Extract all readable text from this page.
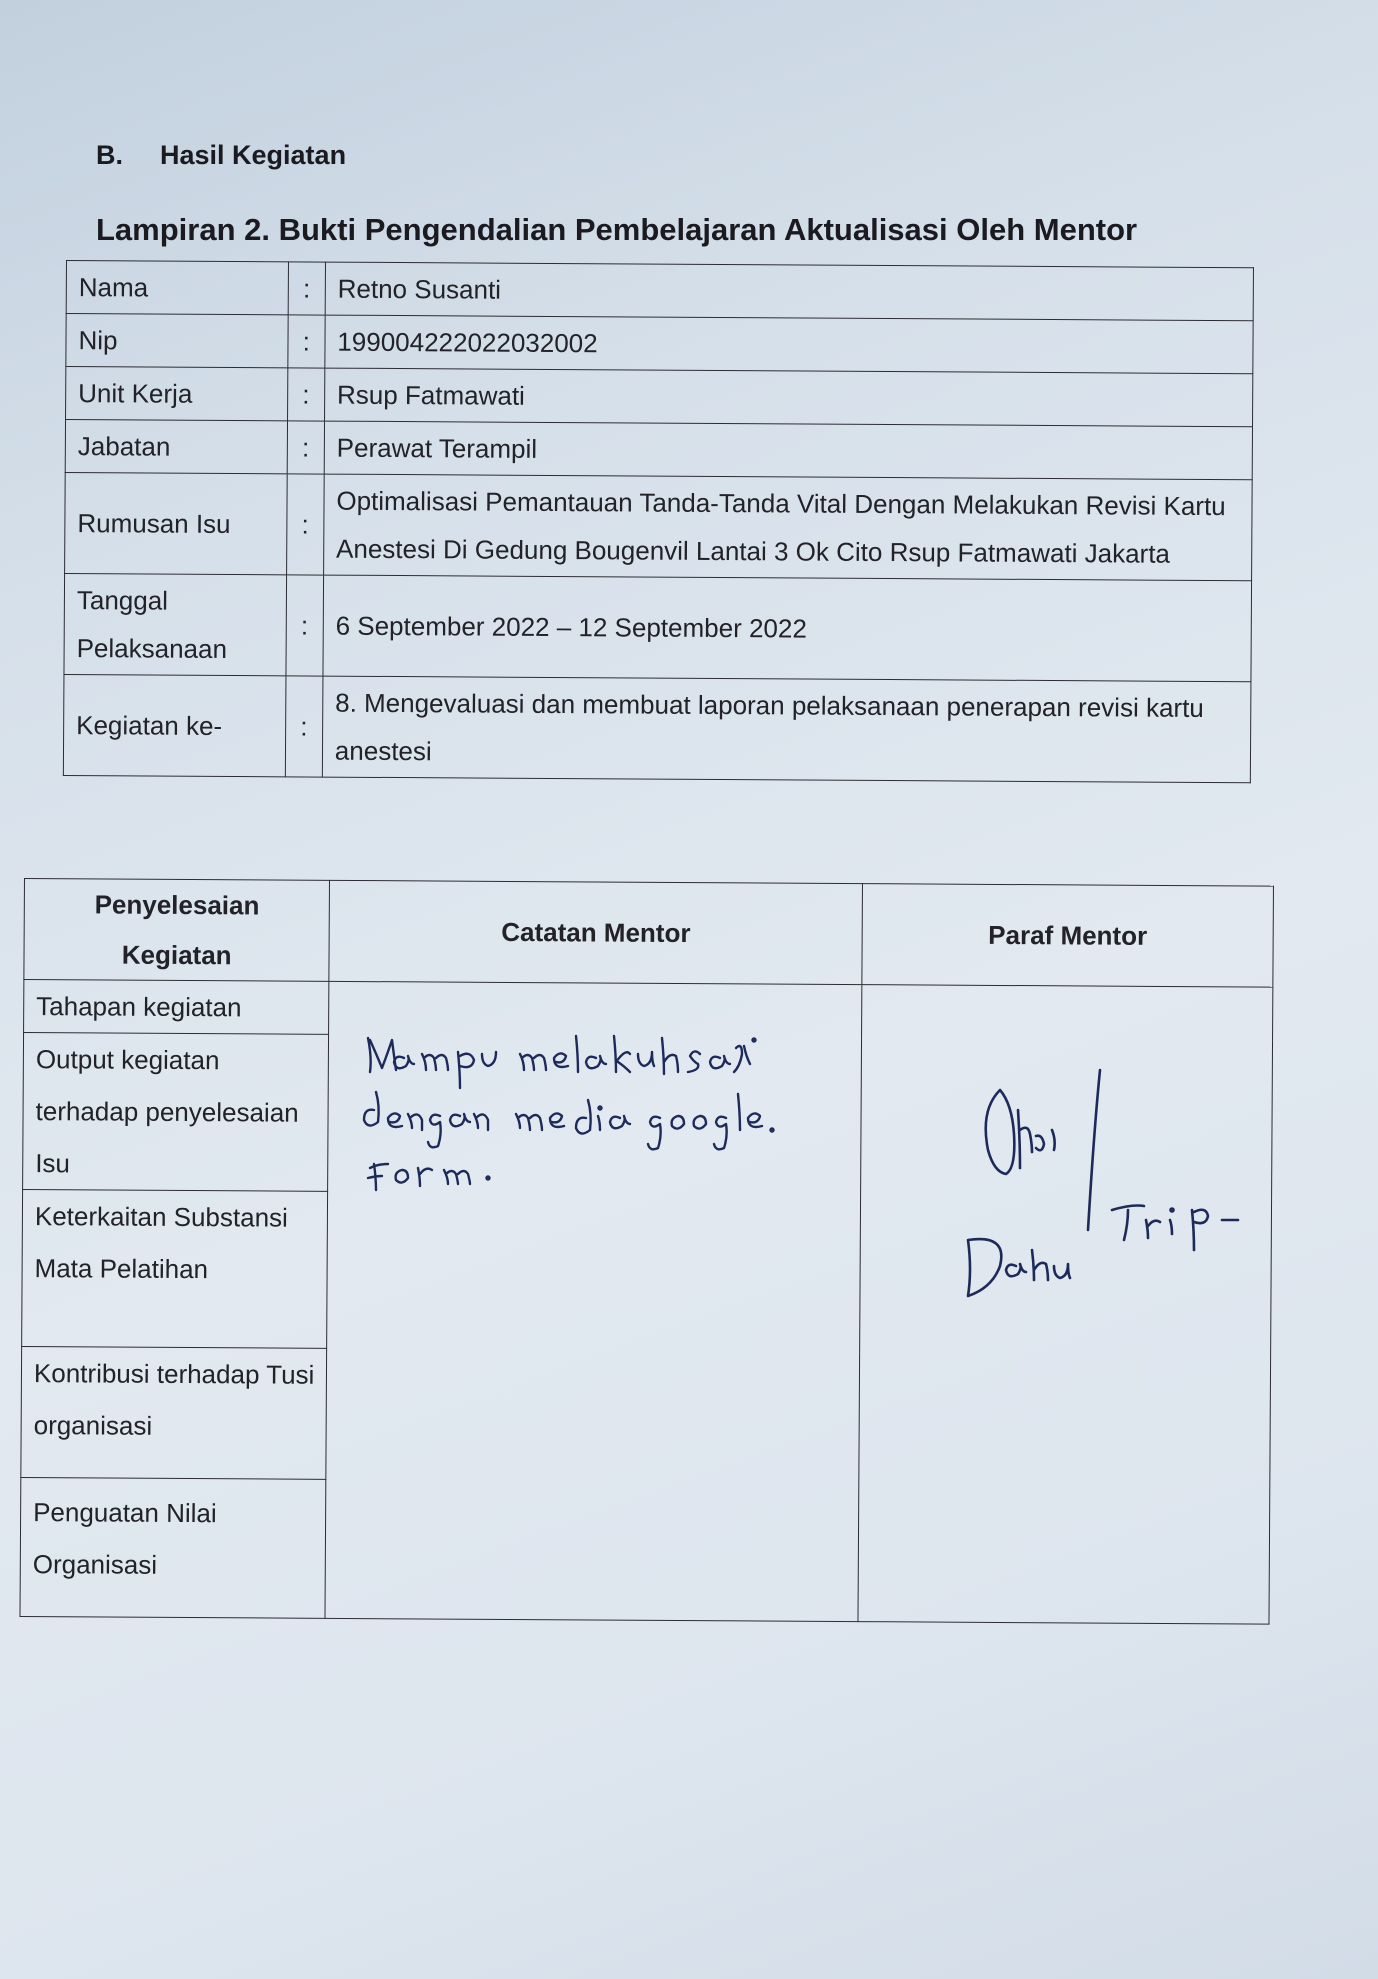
B. Hasil Kegiatan
Lampiran 2. Bukti Pengendalian Pembelajaran Aktualisasi Oleh Mentor
Nama	:	Retno Susanti
Nip	:	199004222022032002
Unit Kerja	:	Rsup Fatmawati
Jabatan	:	Perawat Terampil
Rumusan Isu	:	Optimalisasi Pemantauan Tanda-Tanda Vital Dengan Melakukan Revisi Kartu Anestesi Di Gedung Bougenvil Lantai 3 Ok Cito Rsup Fatmawati Jakarta
Tanggal Pelaksanaan	:	6 September 2022 – 12 September 2022
Kegiatan ke-	:	8. Mengevaluasi dan membuat laporan pelaksanaan penerapan revisi kartu anestesi
Penyelesaian Kegiatan	Catatan Mentor	Paraf Mentor
Tahapan kegiatan		
Output kegiatan terhadap penyelesaian Isu		
Keterkaitan Substansi Mata Pelatihan		
Kontribusi terhadap Tusi organisasi		
Penguatan Nilai Organisasi		
